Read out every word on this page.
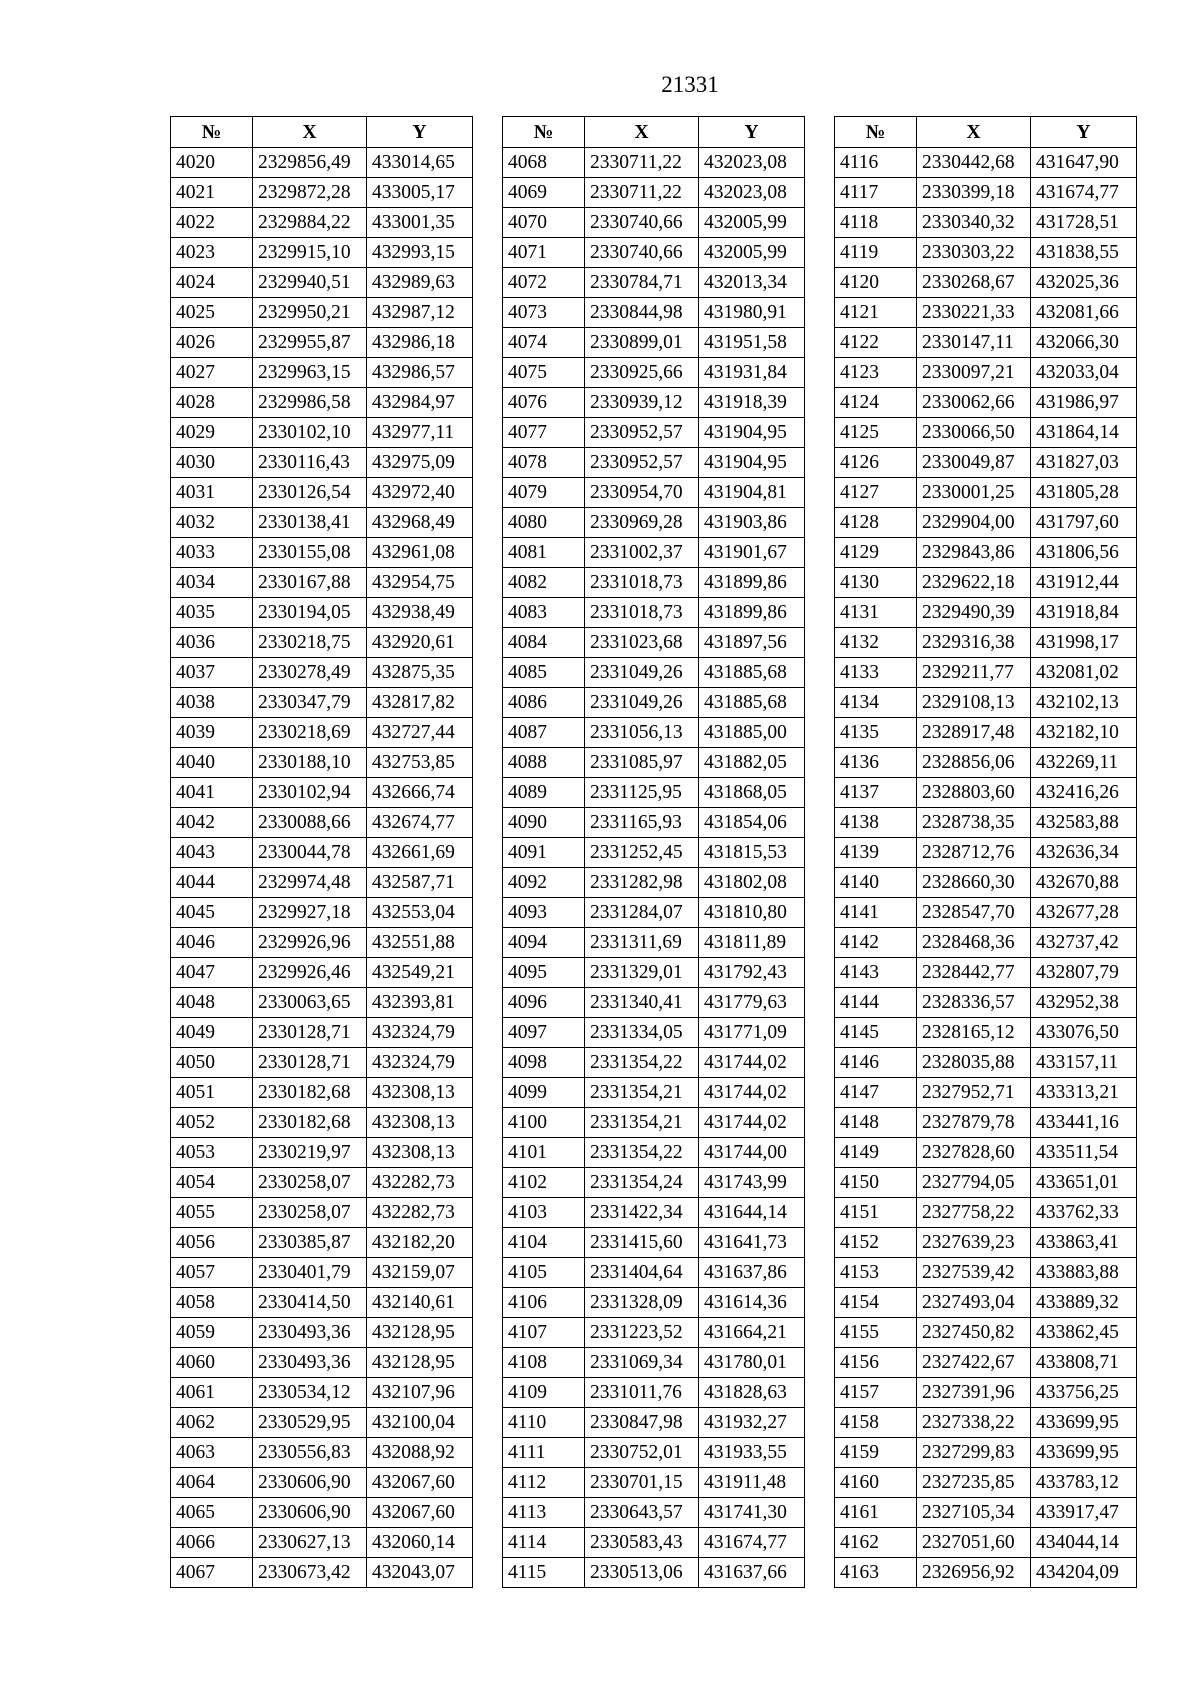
21331
№	X	Y
4020	2329856,49	433014,65
4021	2329872,28	433005,17
4022	2329884,22	433001,35
4023	2329915,10	432993,15
4024	2329940,51	432989,63
4025	2329950,21	432987,12
4026	2329955,87	432986,18
4027	2329963,15	432986,57
4028	2329986,58	432984,97
4029	2330102,10	432977,11
4030	2330116,43	432975,09
4031	2330126,54	432972,40
4032	2330138,41	432968,49
4033	2330155,08	432961,08
4034	2330167,88	432954,75
4035	2330194,05	432938,49
4036	2330218,75	432920,61
4037	2330278,49	432875,35
4038	2330347,79	432817,82
4039	2330218,69	432727,44
4040	2330188,10	432753,85
4041	2330102,94	432666,74
4042	2330088,66	432674,77
4043	2330044,78	432661,69
4044	2329974,48	432587,71
4045	2329927,18	432553,04
4046	2329926,96	432551,88
4047	2329926,46	432549,21
4048	2330063,65	432393,81
4049	2330128,71	432324,79
4050	2330128,71	432324,79
4051	2330182,68	432308,13
4052	2330182,68	432308,13
4053	2330219,97	432308,13
4054	2330258,07	432282,73
4055	2330258,07	432282,73
4056	2330385,87	432182,20
4057	2330401,79	432159,07
4058	2330414,50	432140,61
4059	2330493,36	432128,95
4060	2330493,36	432128,95
4061	2330534,12	432107,96
4062	2330529,95	432100,04
4063	2330556,83	432088,92
4064	2330606,90	432067,60
4065	2330606,90	432067,60
4066	2330627,13	432060,14
4067	2330673,42	432043,07
№	X	Y
4068	2330711,22	432023,08
4069	2330711,22	432023,08
4070	2330740,66	432005,99
4071	2330740,66	432005,99
4072	2330784,71	432013,34
4073	2330844,98	431980,91
4074	2330899,01	431951,58
4075	2330925,66	431931,84
4076	2330939,12	431918,39
4077	2330952,57	431904,95
4078	2330952,57	431904,95
4079	2330954,70	431904,81
4080	2330969,28	431903,86
4081	2331002,37	431901,67
4082	2331018,73	431899,86
4083	2331018,73	431899,86
4084	2331023,68	431897,56
4085	2331049,26	431885,68
4086	2331049,26	431885,68
4087	2331056,13	431885,00
4088	2331085,97	431882,05
4089	2331125,95	431868,05
4090	2331165,93	431854,06
4091	2331252,45	431815,53
4092	2331282,98	431802,08
4093	2331284,07	431810,80
4094	2331311,69	431811,89
4095	2331329,01	431792,43
4096	2331340,41	431779,63
4097	2331334,05	431771,09
4098	2331354,22	431744,02
4099	2331354,21	431744,02
4100	2331354,21	431744,02
4101	2331354,22	431744,00
4102	2331354,24	431743,99
4103	2331422,34	431644,14
4104	2331415,60	431641,73
4105	2331404,64	431637,86
4106	2331328,09	431614,36
4107	2331223,52	431664,21
4108	2331069,34	431780,01
4109	2331011,76	431828,63
4110	2330847,98	431932,27
4111	2330752,01	431933,55
4112	2330701,15	431911,48
4113	2330643,57	431741,30
4114	2330583,43	431674,77
4115	2330513,06	431637,66
№	X	Y
4116	2330442,68	431647,90
4117	2330399,18	431674,77
4118	2330340,32	431728,51
4119	2330303,22	431838,55
4120	2330268,67	432025,36
4121	2330221,33	432081,66
4122	2330147,11	432066,30
4123	2330097,21	432033,04
4124	2330062,66	431986,97
4125	2330066,50	431864,14
4126	2330049,87	431827,03
4127	2330001,25	431805,28
4128	2329904,00	431797,60
4129	2329843,86	431806,56
4130	2329622,18	431912,44
4131	2329490,39	431918,84
4132	2329316,38	431998,17
4133	2329211,77	432081,02
4134	2329108,13	432102,13
4135	2328917,48	432182,10
4136	2328856,06	432269,11
4137	2328803,60	432416,26
4138	2328738,35	432583,88
4139	2328712,76	432636,34
4140	2328660,30	432670,88
4141	2328547,70	432677,28
4142	2328468,36	432737,42
4143	2328442,77	432807,79
4144	2328336,57	432952,38
4145	2328165,12	433076,50
4146	2328035,88	433157,11
4147	2327952,71	433313,21
4148	2327879,78	433441,16
4149	2327828,60	433511,54
4150	2327794,05	433651,01
4151	2327758,22	433762,33
4152	2327639,23	433863,41
4153	2327539,42	433883,88
4154	2327493,04	433889,32
4155	2327450,82	433862,45
4156	2327422,67	433808,71
4157	2327391,96	433756,25
4158	2327338,22	433699,95
4159	2327299,83	433699,95
4160	2327235,85	433783,12
4161	2327105,34	433917,47
4162	2327051,60	434044,14
4163	2326956,92	434204,09
